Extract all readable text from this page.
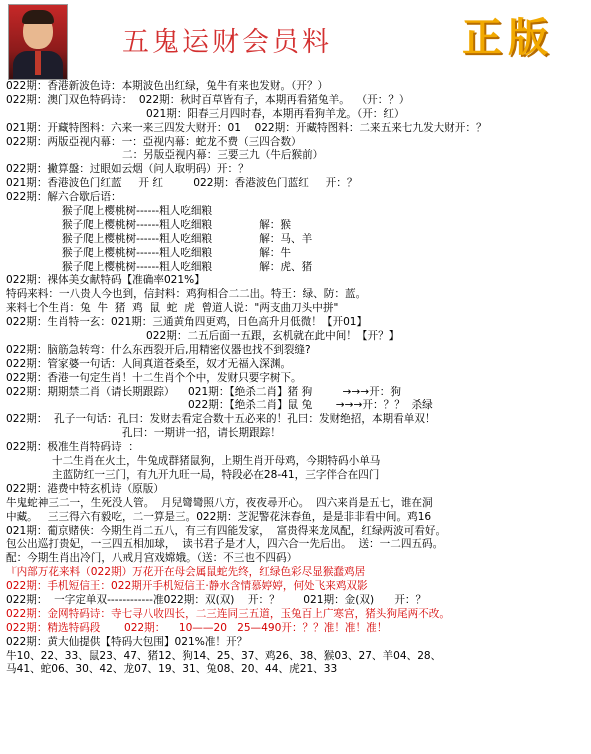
五鬼运财会员料	正版
022期：香港新波色诗：本期波色出红绿，兔牛有来也发财。（开？）
022期：澳门双色特码诗：  022期：秋时百草皆有子，本期再看猪兔羊。  （开：？）
021期：阳春三月四时春，本期再看狗羊龙。（开：红）
021期：开藏特图料：六来一来三四发大财开：01    022期：开藏特图料：二来五来七九发大财开：？
022期：两版亞视内幕：一：亞视内幕：蛇龙不费（三四合数）
二：另版亞视内幕：三要三九（牛后猴前）
022期：撇算盤：过眼如云烟（问人取明码）开：？
021期：香港波色门红蓝     开 红         022期：香港波色门蓝红     开：？
022期：解六合歇后语：
猴子爬上樱桃树------粗人吃细粮
猴子爬上樱桃树------粗人吃细粮              解：猴
猴子爬上樱桃树------粗人吃细粮              解：马、羊
猴子爬上樱桃树------粗人吃细粮              解：牛
猴子爬上樱桃树------粗人吃细粮              解：虎、猪
022期：裸体美女献特码【准确率021%】
特码来料：一八贵人今也到，信封料：鸡狗相合二二出。特王：绿、防：蓝。
来料七个生肖：兔  牛  猪  鸡  鼠  蛇  虎  曾道人说："两支曲刀头中拼"
022期：生肖特一玄：021期：三通黄角四更鸡，日色高升月低微！【开01】
022期：二五后面一五跟，玄机就在此中间！【开？】
022期：脑筋急转弯：什么东西裂开后,用精密仪器也找不到裂缝?
022期：管家婆一句话：人间真道苍桑至，奴才无福入深渊。
022期：香港一句定生肖！十二生肖个个中，发财只要字树下。
022期：期期禁二肖（请长期跟踪）    021期：【绝杀二肖】猪 狗         →→→开：狗
022期：【绝杀二肖】鼠 兔       →→→开：？？  杀绿
022期：  孔子一句话：孔曰：发财去看定合数十五必来的！孔曰：发财绝招，本期看单双！
孔曰：一期讲一招，请长期跟踪！
022期：极准生肖特码诗  ：
十二生肖在火土，牛兔成群猪鼠狗，上期生肖开母鸡，今期特码小单马
主蓝防红一三门，有九开九旺一局，特段必在28-41，三字伴合在四门
022期：港费中特玄机诗（原版）
牛鬼蛇神三二一，生死没人管。  月兒彎彎照八方，夜夜尋开心。  四六来肖是五七，谁在洞
中藏。   三三得六有毅吃，二一算是三。022期：芝泥警花沫春鱼，是是非非看中间。鸡16
021期：葡京赌侠：今期生肖二五八，有三有四能发家，  富贵得来龙凤配，红绿两波可看好。
包公出巡打贵妃，一三四五相加球，  读书君子是才人，四六合一先后出。  送：一二四五码。
配：今期生肖出冷门，八戒月宫戏嫦娥。（送：不三也不四码）
『内部万花来料（022期）万花开在母会属鼠蛇先终，红绿色彩尽显猴蠢鸡居
022期：手机短信王：022期开手机短信王·静水含情慕婷婷，何处飞来鸡双影
022期：  一字定单双------------准022期：双(双)    开：？       021期：金(双)      开：？
022期：金网特码诗：寺七寻八收四长，二三连同三五道，玉兔百上广寒宫，猪头狗尾两不改。
022期：精选特码段       022期：    10——20   25—490开：？？准！准！准！
022期：黄大仙提供【特码大包围】021%准！开？
牛10、22、33、鼠23、47、猪12、狗14、25、37、鸡26、38、猴03、27、羊04、28、
马41、蛇06、30、42、龙07、19、31、兔08、20、44、虎21、33
